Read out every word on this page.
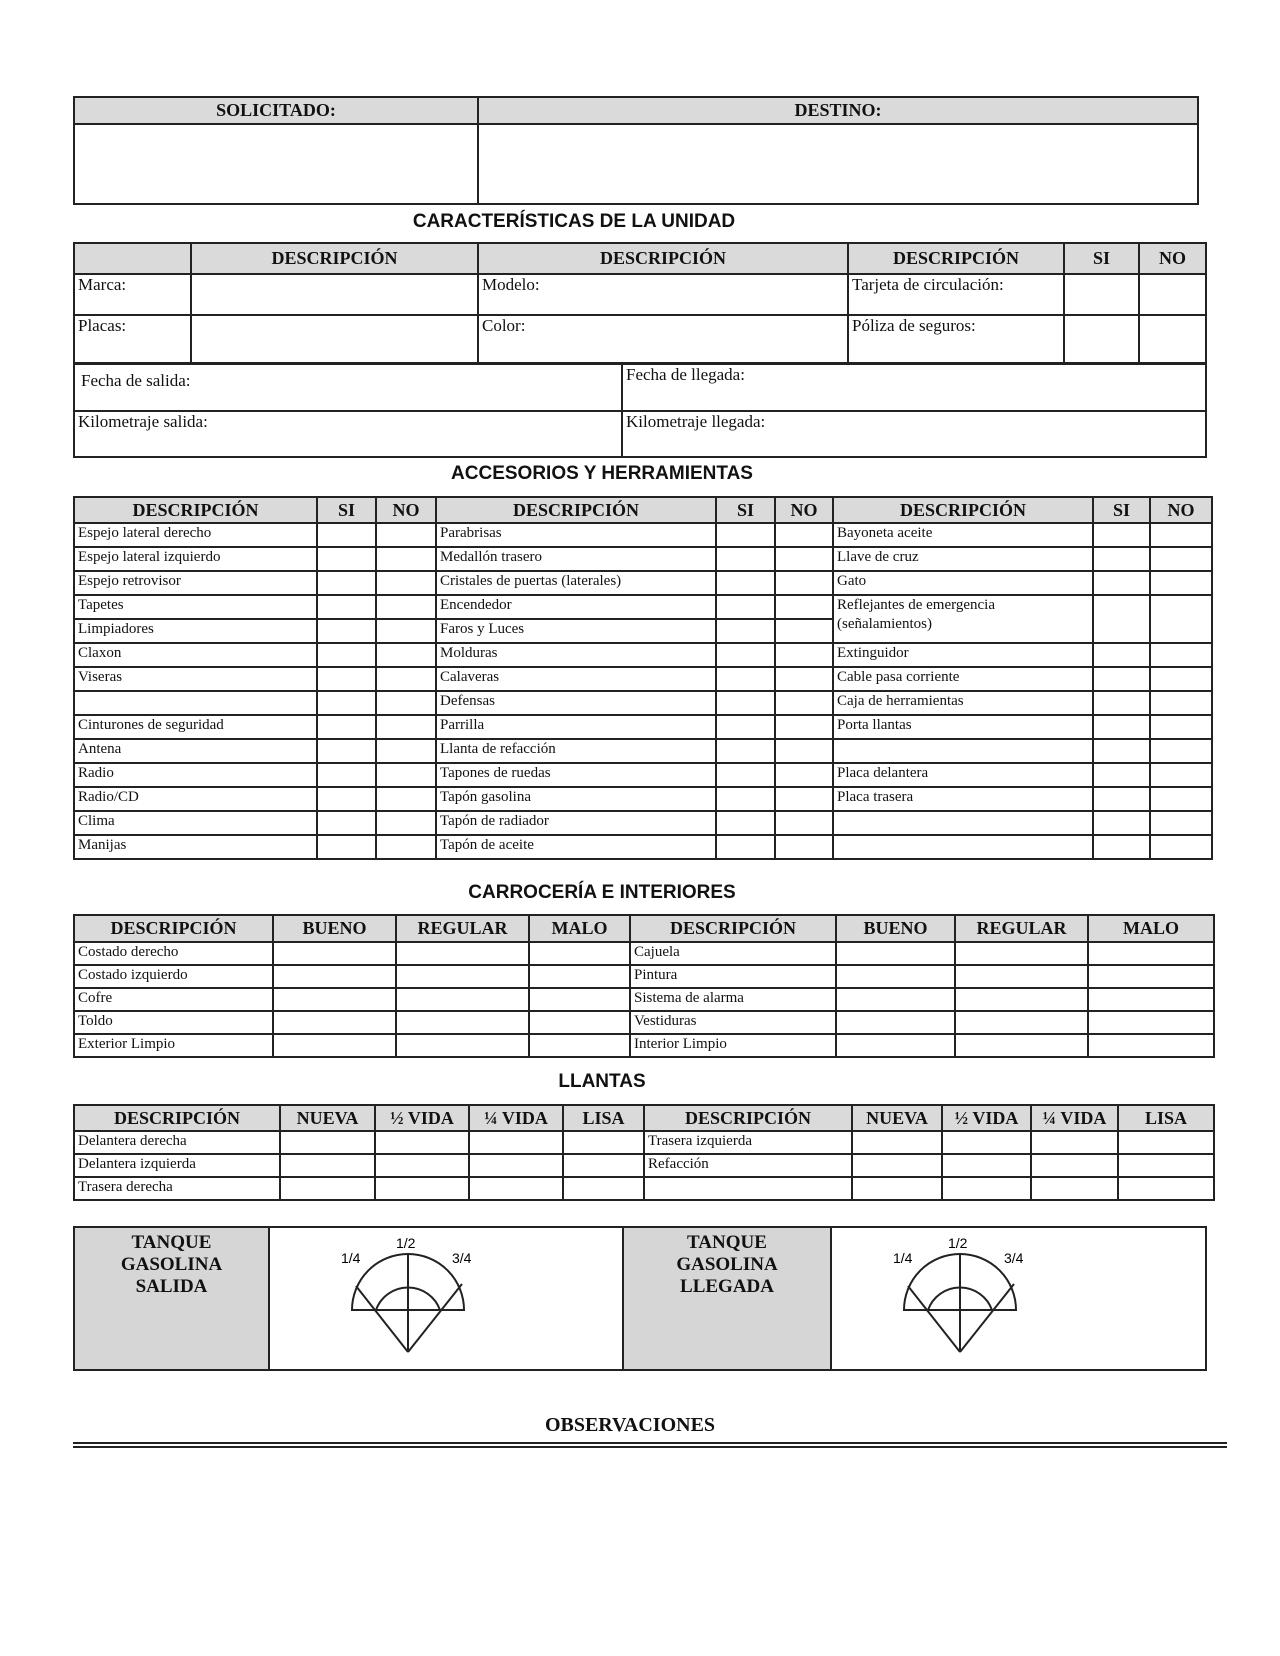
SOLICITADO:	DESTINO:

CARACTERÍSTICAS DE LA UNIDAD
	DESCRIPCIÓN	DESCRIPCIÓN	DESCRIPCIÓN	SI	NO
Marca:		Modelo:	Tarjeta de circulación:		
Placas:		Color:	Póliza de seguros:		
Fecha de salida:	Fecha de llegada:
Kilometraje salida:	Kilometraje llegada:
ACCESORIOS Y HERRAMIENTAS
DESCRIPCIÓN	SI	NO	DESCRIPCIÓN	SI	NO	DESCRIPCIÓN	SI	NO
Espejo lateral derecho			Parabrisas			Bayoneta aceite		
Espejo lateral izquierdo			Medallón trasero			Llave de cruz		
Espejo retrovisor			Cristales de puertas (laterales)			Gato		
Tapetes			Encendedor			Reflejantes de emergencia (señalamientos)		
Limpiadores			Faros y Luces					
Claxon			Molduras			Extinguidor		
Viseras			Calaveras			Cable pasa corriente		
			Defensas			Caja de herramientas		
Cinturones de seguridad			Parrilla			Porta llantas		
Antena			Llanta de refacción					
Radio			Tapones de ruedas			Placa delantera		
Radio/CD			Tapón gasolina			Placa trasera		
Clima			Tapón de radiador					
Manijas			Tapón de aceite					
CARROCERÍA E INTERIORES
DESCRIPCIÓN	BUENO	REGULAR	MALO	DESCRIPCIÓN	BUENO	REGULAR	MALO
Costado derecho				Cajuela			
Costado izquierdo				Pintura			
Cofre				Sistema de alarma			
Toldo				Vestiduras			
Exterior Limpio				Interior Limpio			
LLANTAS
DESCRIPCIÓN	NUEVA	½ VIDA	¼ VIDA	LISA	DESCRIPCIÓN	NUEVA	½ VIDA	¼ VIDA	LISA
Delantera derecha					Trasera izquierda				
Delantera izquierda					Refacción				
Trasera derecha									
TANQUE
GASOLINA
SALIDA

1/4
1/2
3/4

TANQUE
GASOLINA
LLEGADA

1/4
1/2
3/4
OBSERVACIONES
